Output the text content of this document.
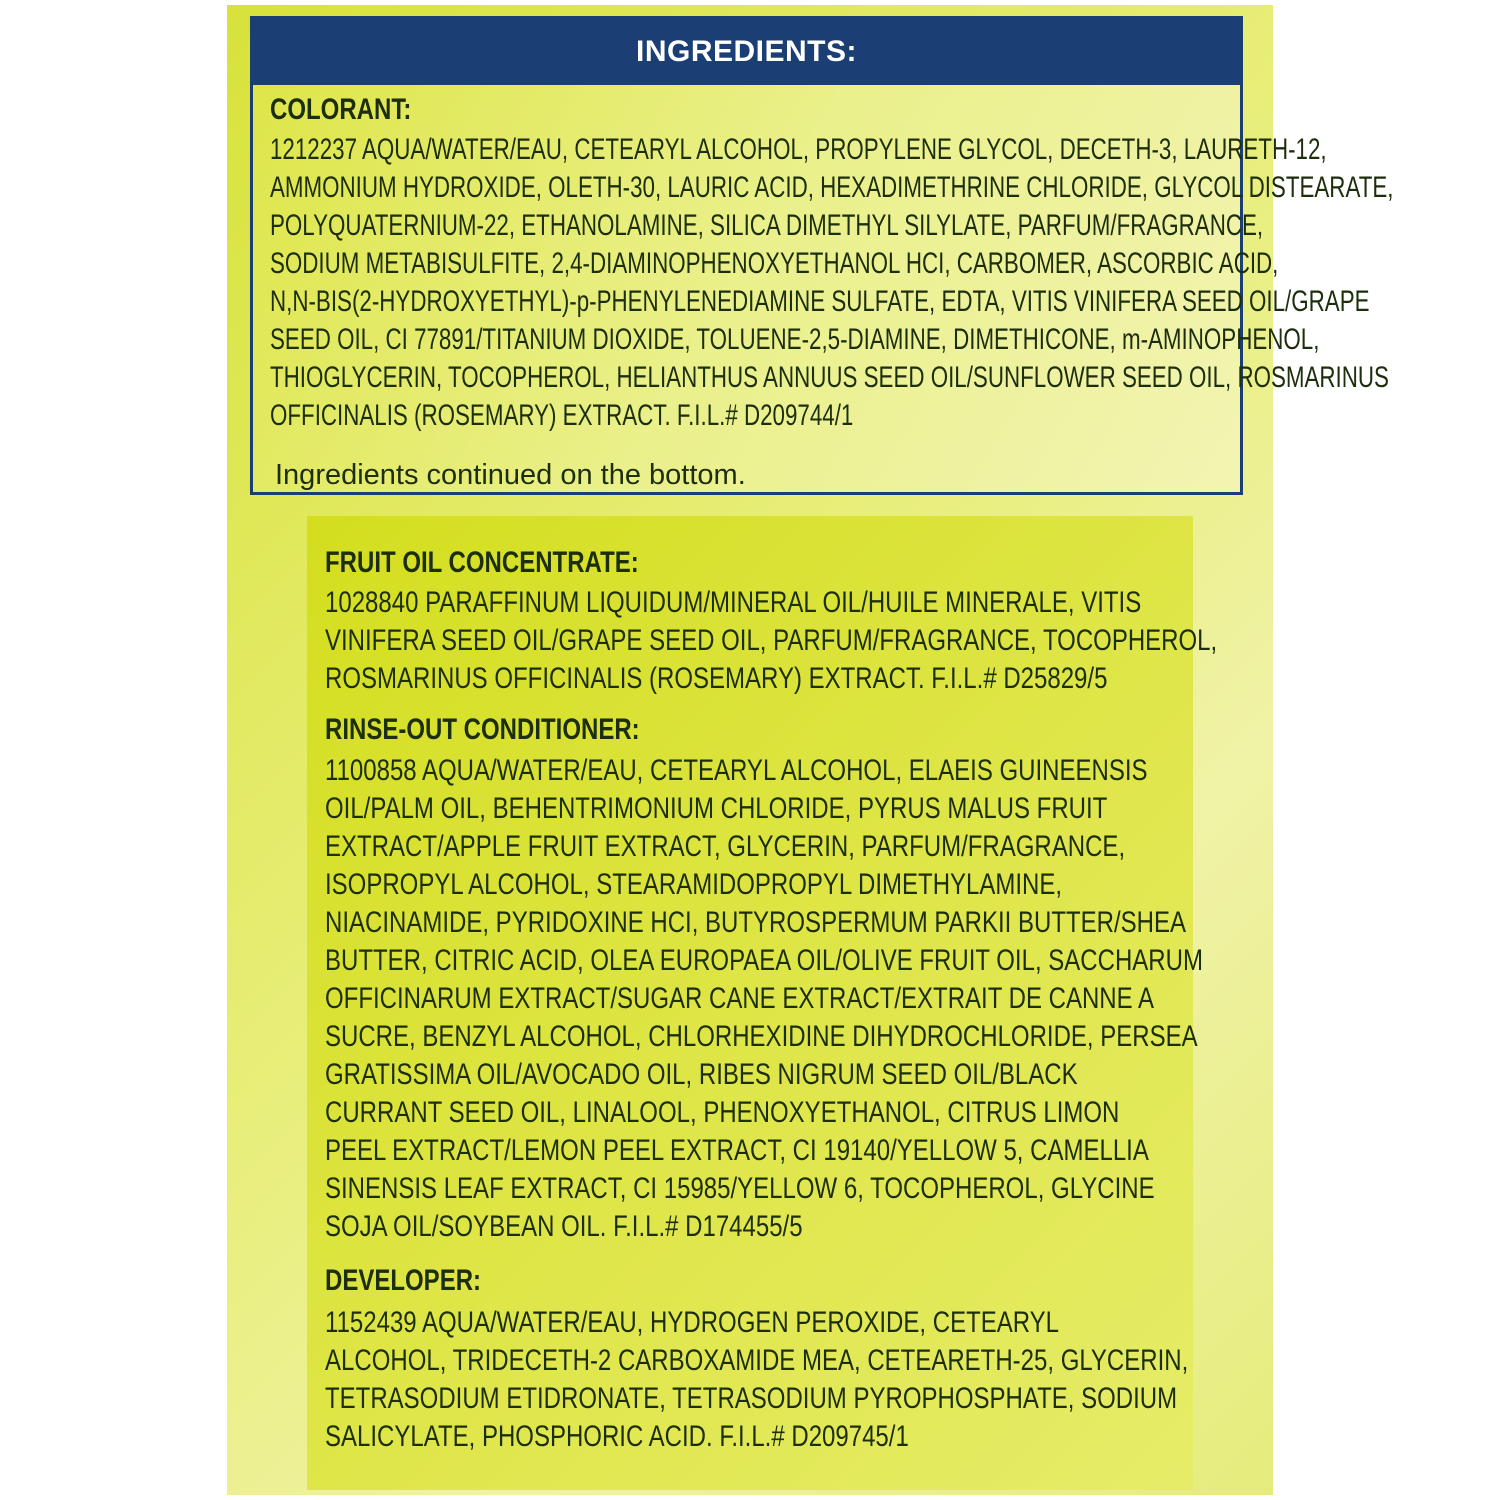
INGREDIENTS:
COLORANT:
1212237 AQUA/WATER/EAU, CETEARYL ALCOHOL, PROPYLENE GLYCOL, DECETH-3, LAURETH-12,
AMMONIUM HYDROXIDE, OLETH-30, LAURIC ACID, HEXADIMETHRINE CHLORIDE, GLYCOL DISTEARATE,
POLYQUATERNIUM-22, ETHANOLAMINE, SILICA DIMETHYL SILYLATE, PARFUM/FRAGRANCE,
SODIUM METABISULFITE, 2,4-DIAMINOPHENOXYETHANOL HCI, CARBOMER, ASCORBIC ACID,
N,N-BIS(2-HYDROXYETHYL)-p-PHENYLENEDIAMINE SULFATE, EDTA, VITIS VINIFERA SEED OIL/GRAPE
SEED OIL, CI 77891/TITANIUM DIOXIDE, TOLUENE-2,5-DIAMINE, DIMETHICONE, m-AMINOPHENOL,
THIOGLYCERIN, TOCOPHEROL, HELIANTHUS ANNUUS SEED OIL/SUNFLOWER SEED OIL, ROSMARINUS
OFFICINALIS (ROSEMARY) EXTRACT. F.I.L.# D209744/1
Ingredients continued on the bottom.
FRUIT OIL CONCENTRATE:
1028840 PARAFFINUM LIQUIDUM/MINERAL OIL/HUILE MINERALE, VITIS
VINIFERA SEED OIL/GRAPE SEED OIL, PARFUM/FRAGRANCE, TOCOPHEROL,
ROSMARINUS OFFICINALIS (ROSEMARY) EXTRACT. F.I.L.# D25829/5
RINSE-OUT CONDITIONER:
1100858 AQUA/WATER/EAU, CETEARYL ALCOHOL, ELAEIS GUINEENSIS
OIL/PALM OIL, BEHENTRIMONIUM CHLORIDE, PYRUS MALUS FRUIT
EXTRACT/APPLE FRUIT EXTRACT, GLYCERIN, PARFUM/FRAGRANCE,
ISOPROPYL ALCOHOL, STEARAMIDOPROPYL DIMETHYLAMINE,
NIACINAMIDE, PYRIDOXINE HCI, BUTYROSPERMUM PARKII BUTTER/SHEA
BUTTER, CITRIC ACID, OLEA EUROPAEA OIL/OLIVE FRUIT OIL, SACCHARUM
OFFICINARUM EXTRACT/SUGAR CANE EXTRACT/EXTRAIT DE CANNE A
SUCRE, BENZYL ALCOHOL, CHLORHEXIDINE DIHYDROCHLORIDE, PERSEA
GRATISSIMA OIL/AVOCADO OIL, RIBES NIGRUM SEED OIL/BLACK
CURRANT SEED OIL, LINALOOL, PHENOXYETHANOL, CITRUS LIMON
PEEL EXTRACT/LEMON PEEL EXTRACT, CI 19140/YELLOW 5, CAMELLIA
SINENSIS LEAF EXTRACT, CI 15985/YELLOW 6, TOCOPHEROL, GLYCINE
SOJA OIL/SOYBEAN OIL. F.I.L.# D174455/5
DEVELOPER:
1152439 AQUA/WATER/EAU, HYDROGEN PEROXIDE, CETEARYL
ALCOHOL, TRIDECETH-2 CARBOXAMIDE MEA, CETEARETH-25, GLYCERIN,
TETRASODIUM ETIDRONATE, TETRASODIUM PYROPHOSPHATE, SODIUM
SALICYLATE, PHOSPHORIC ACID. F.I.L.# D209745/1
